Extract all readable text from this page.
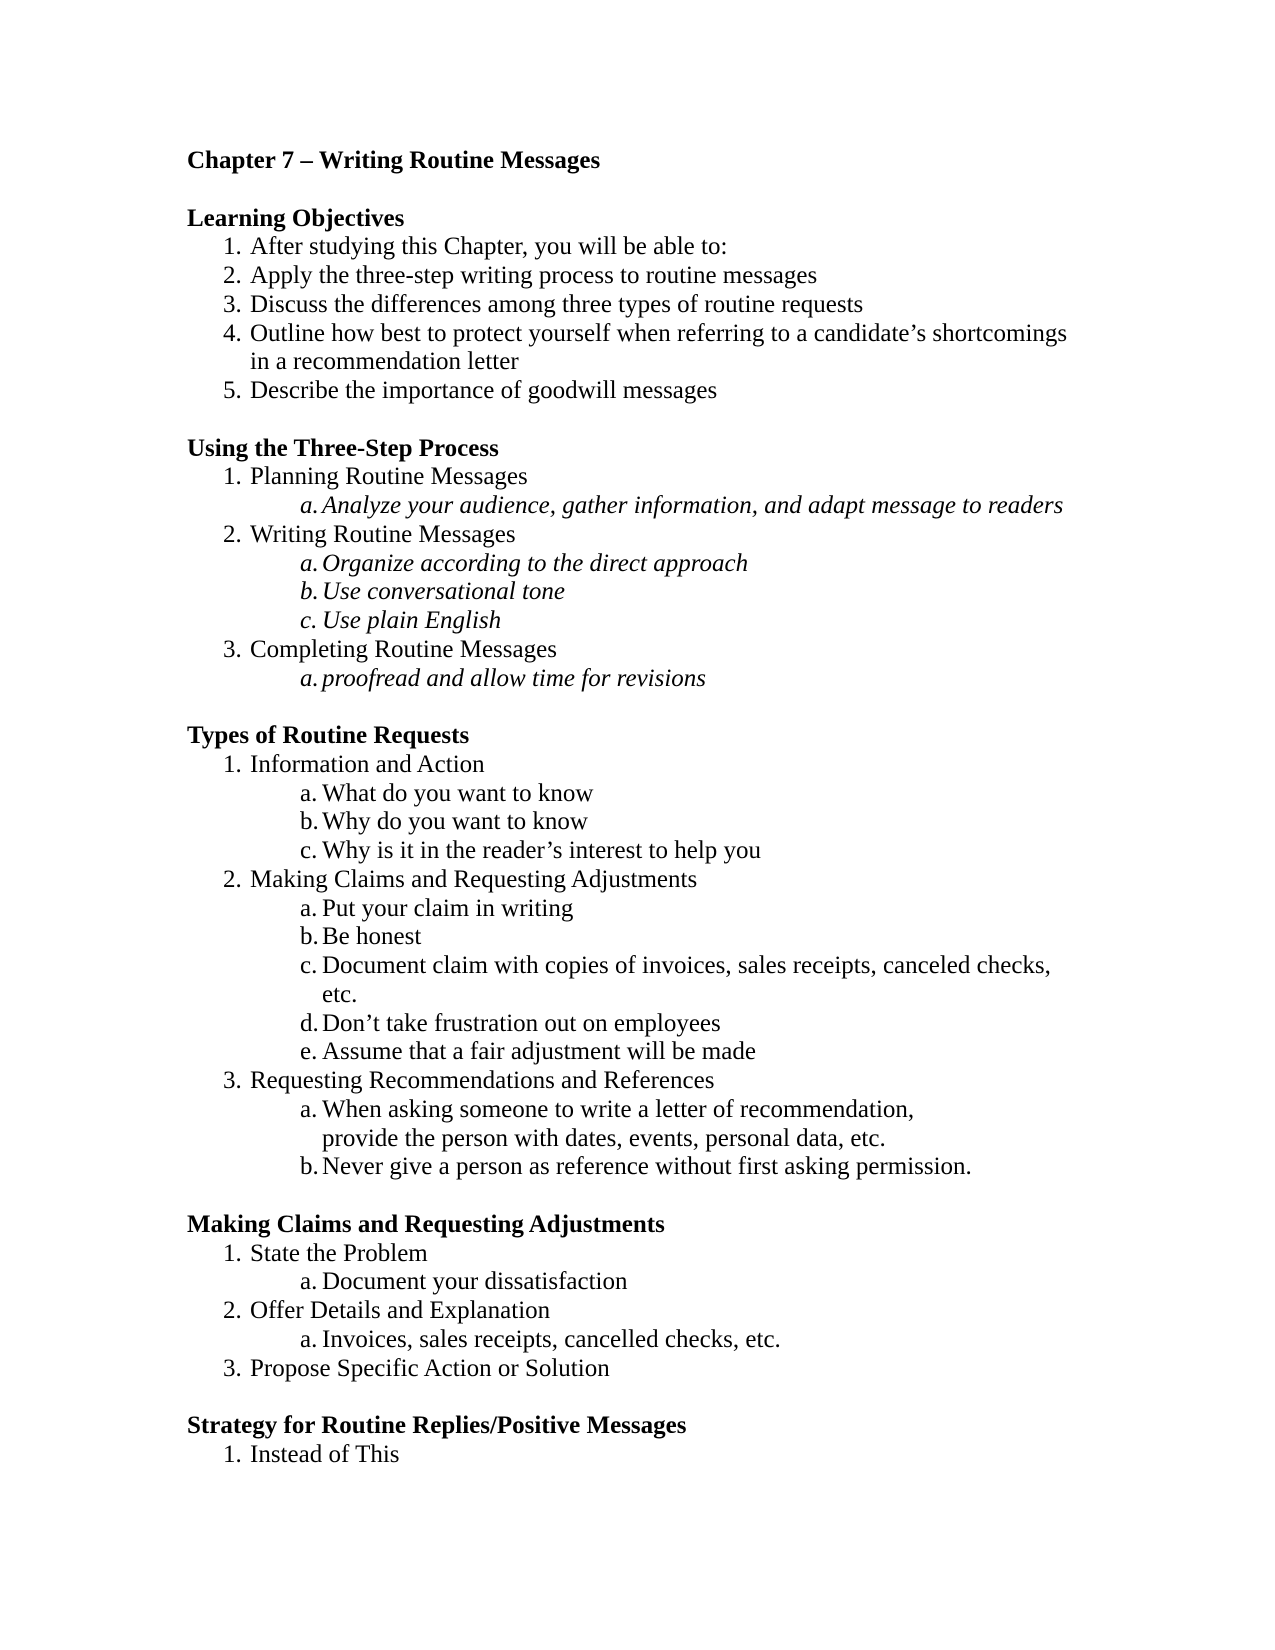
Chapter 7 – Writing Routine Messages
Learning Objectives
1. After studying this Chapter, you will be able to:
2. Apply the three-step writing process to routine messages
3. Discuss the differences among three types of routine requests
4. Outline how best to protect yourself when referring to a candidate’s shortcomings
in a recommendation letter
5. Describe the importance of goodwill messages
Using the Three-Step Process
1. Planning Routine Messages
a. Analyze your audience, gather information, and adapt message to readers
2. Writing Routine Messages
a. Organize according to the direct approach
b. Use conversational tone
c. Use plain English
3. Completing Routine Messages
a. proofread and allow time for revisions
Types of Routine Requests
1. Information and Action
a. What do you want to know
b. Why do you want to know
c. Why is it in the reader’s interest to help you
2. Making Claims and Requesting Adjustments
a. Put your claim in writing
b. Be honest
c. Document claim with copies of invoices, sales receipts, canceled checks,
etc.
d. Don’t take frustration out on employees
e. Assume that a fair adjustment will be made
3. Requesting Recommendations and References
a. When asking someone to write a letter of recommendation,
provide the person with dates, events, personal data, etc.
b. Never give a person as reference without first asking permission.
Making Claims and Requesting Adjustments
1. State the Problem
a. Document your dissatisfaction
2. Offer Details and Explanation
a. Invoices, sales receipts, cancelled checks, etc.
3. Propose Specific Action or Solution
Strategy for Routine Replies/Positive Messages
1. Instead of This
